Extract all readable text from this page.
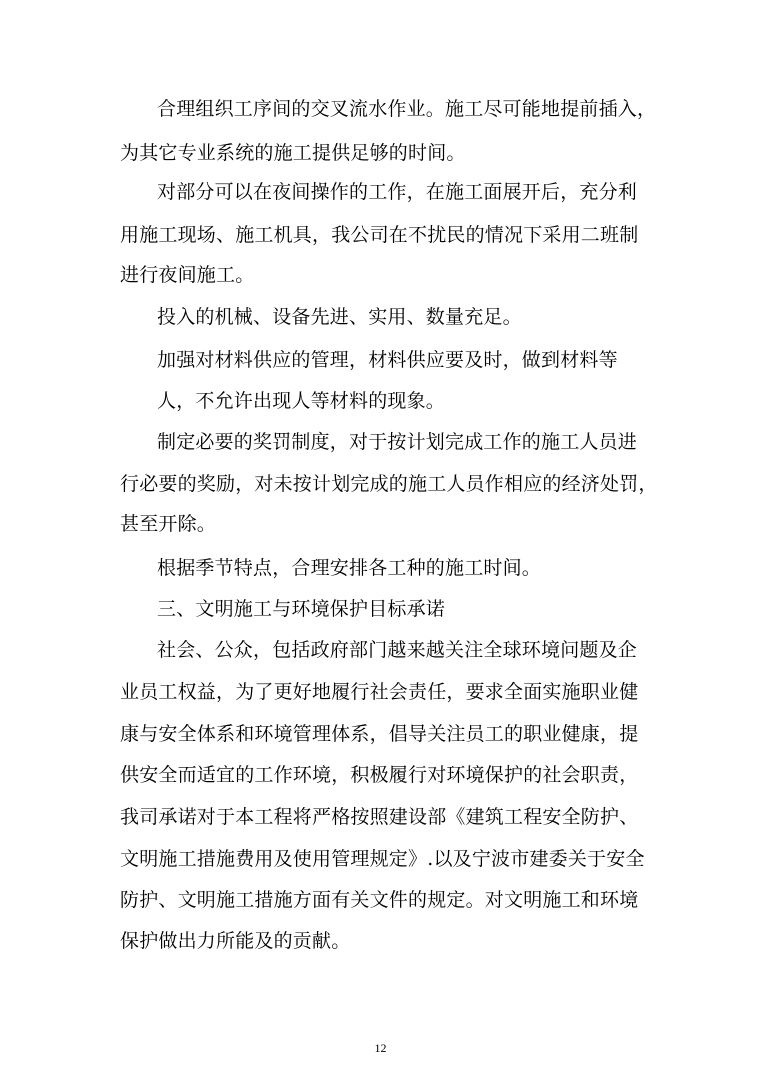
合理组织工序间的交叉流水作业。施工尽可能地提前插入，
为其它专业系统的施工提供足够的时间。
对部分可以在夜间操作的工作，在施工面展开后，充分利
用施工现场、施工机具，我公司在不扰民的情况下采用二班制
进行夜间施工。
投入的机械、设备先进、实用、数量充足。
加强对材料供应的管理，材料供应要及时，做到材料等
人，不允许出现人等材料的现象。
制定必要的奖罚制度，对于按计划完成工作的施工人员进
行必要的奖励，对未按计划完成的施工人员作相应的经济处罚，
甚至开除。
根据季节特点，合理安排各工种的施工时间。
三、文明施工与环境保护目标承诺
社会、公众，包括政府部门越来越关注全球环境问题及企
业员工权益，为了更好地履行社会责任，要求全面实施职业健
康与安全体系和环境管理体系，倡导关注员工的职业健康，提
供安全而适宜的工作环境，积极履行对环境保护的社会职责，
我司承诺对于本工程将严格按照建设部《建筑工程安全防护、
文明施工措施费用及使用管理规定》.以及宁波市建委关于安全
防护、文明施工措施方面有关文件的规定。对文明施工和环境
保护做出力所能及的贡献。
12
